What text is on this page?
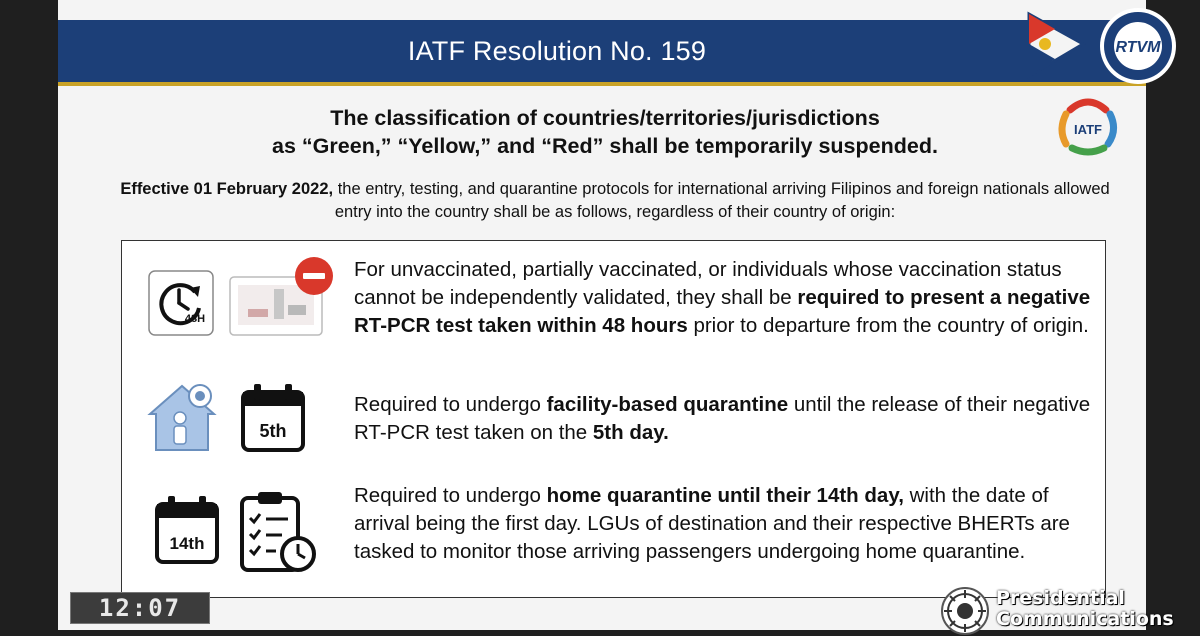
IATF Resolution No. 159	RTVM
IATF
The classification of countries/territories/jurisdictions
as “Green,” “Yellow,” and “Red” shall be temporarily suspended.
Effective 01 February 2022, the entry, testing, and quarantine protocols for international arriving Filipinos and foreign nationals allowed entry into the country shall be as follows, regardless of their country of origin:
48H
For unvaccinated, partially vaccinated, or individuals whose vaccination status cannot be independently validated, they shall be required to present a negative RT-PCR test taken within 48 hours prior to departure from the country of origin.
5th
Required to undergo facility-based quarantine until the release of their negative RT-PCR test taken on the 5th day.
14th
Required to undergo home quarantine until their 14th day, with the date of arrival being the first day. LGUs of destination and their respective BHERTs are tasked to monitor those arriving passengers undergoing home quarantine.
12:07	Presidential
Communications
